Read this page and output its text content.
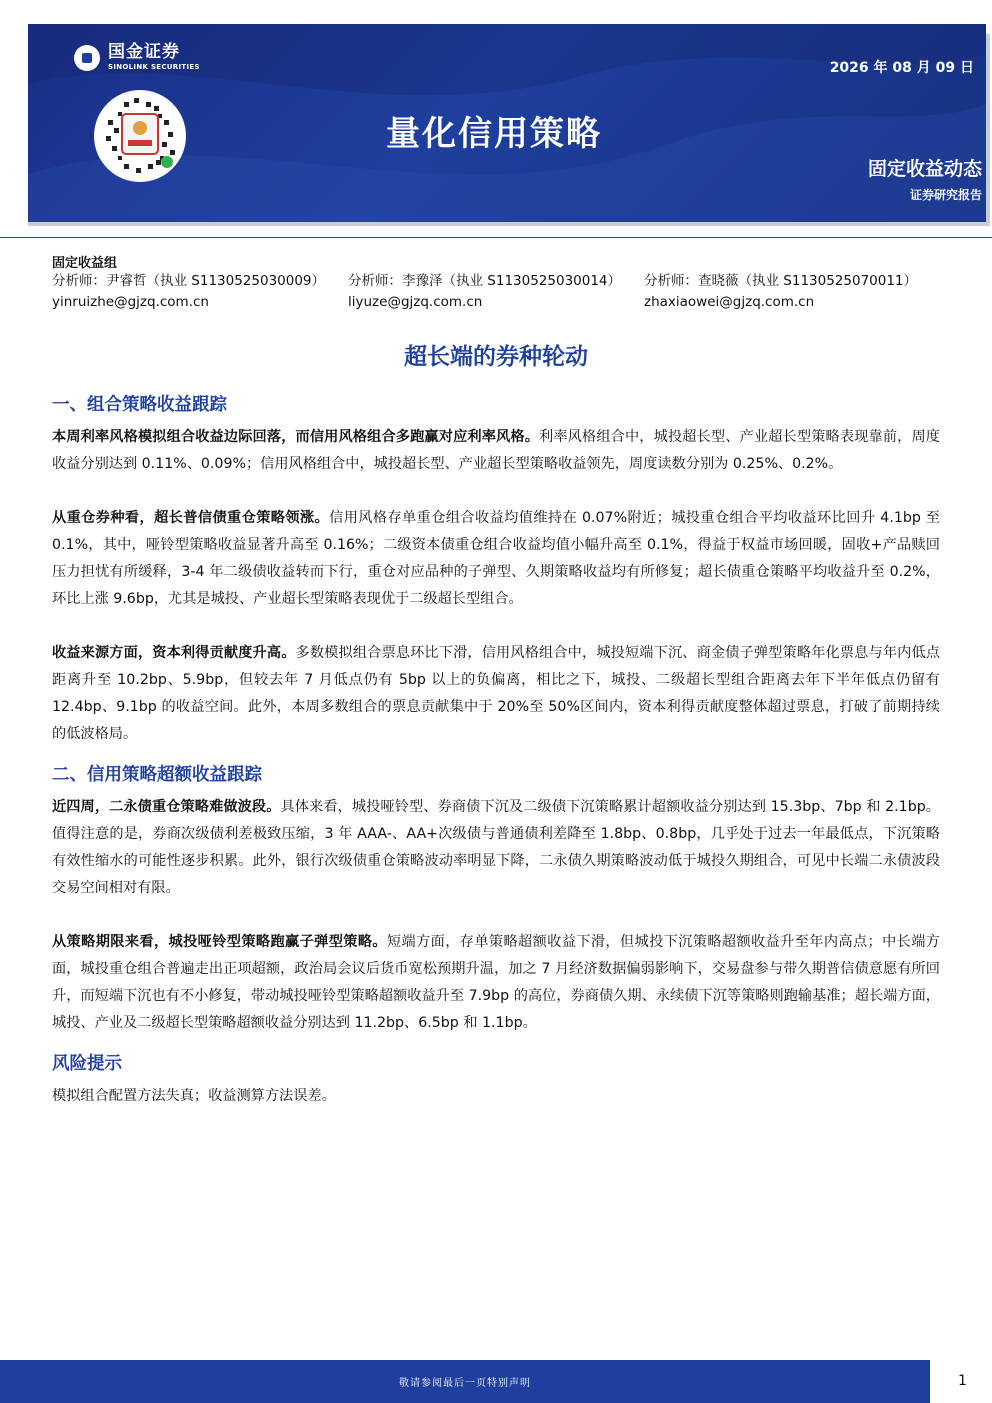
国金证券
SINOLINK SECURITIES	2026 年 08 月 09 日
量化信用策略
固定收益动态
证券研究报告
固定收益组
分析师：尹睿哲（执业 S1130525030009）
yinruizhe@gjzq.com.cn
分析师：李豫泽（执业 S1130525030014）
liyuze@gjzq.com.cn
分析师：查晓薇（执业 S1130525070011）
zhaxiaowei@gjzq.com.cn
超长端的券种轮动
一、组合策略收益跟踪

本周利率风格模拟组合收益边际回落，而信用风格组合多跑赢对应利率风格。利率风格组合中，城投超长型、产业超长型策略表现靠前，周度收益分别达到 0.11%、0.09%；信用风格组合中，城投超长型、产业超长型策略收益领先，周度读数分别为 0.25%、0.2%。

从重仓券种看，超长普信债重仓策略领涨。信用风格存单重仓组合收益均值维持在 0.07%附近；城投重仓组合平均收益环比回升 4.1bp 至 0.1%，其中，哑铃型策略收益显著升高至 0.16%；二级资本债重仓组合收益均值小幅升高至 0.1%，得益于权益市场回暖，固收+产品赎回压力担忧有所缓释，3-4 年二级债收益转而下行，重仓对应品种的子弹型、久期策略收益均有所修复；超长债重仓策略平均收益升至 0.2%，环比上涨 9.6bp，尤其是城投、产业超长型策略表现优于二级超长型组合。

收益来源方面，资本利得贡献度升高。多数模拟组合票息环比下滑，信用风格组合中，城投短端下沉、商金债子弹型策略年化票息与年内低点距离升至 10.2bp、5.9bp，但较去年 7 月低点仍有 5bp 以上的负偏离，相比之下，城投、二级超长型组合距离去年下半年低点仍留有 12.4bp、9.1bp 的收益空间。此外，本周多数组合的票息贡献集中于 20%至 50%区间内，资本利得贡献度整体超过票息，打破了前期持续的低波格局。

二、信用策略超额收益跟踪

近四周，二永债重仓策略难做波段。具体来看，城投哑铃型、券商债下沉及二级债下沉策略累计超额收益分别达到 15.3bp、7bp 和 2.1bp。值得注意的是，券商次级债利差极致压缩，3 年 AAA-、AA+次级债与普通债利差降至 1.8bp、0.8bp，几乎处于过去一年最低点，下沉策略有效性缩水的可能性逐步积累。此外，银行次级债重仓策略波动率明显下降，二永债久期策略波动低于城投久期组合，可见中长端二永债波段交易空间相对有限。

从策略期限来看，城投哑铃型策略跑赢子弹型策略。短端方面，存单策略超额收益下滑，但城投下沉策略超额收益升至年内高点；中长端方面，城投重仓组合普遍走出正项超额，政治局会议后货币宽松预期升温，加之 7 月经济数据偏弱影响下，交易盘参与带久期普信债意愿有所回升，而短端下沉也有不小修复，带动城投哑铃型策略超额收益升至 7.9bp 的高位，券商债久期、永续债下沉等策略则跑输基准；超长端方面，城投、产业及二级超长型策略超额收益分别达到 11.2bp、6.5bp 和 1.1bp。

风险提示

模拟组合配置方法失真；收益测算方法误差。

敬请参阅最后一页特别声明	1
